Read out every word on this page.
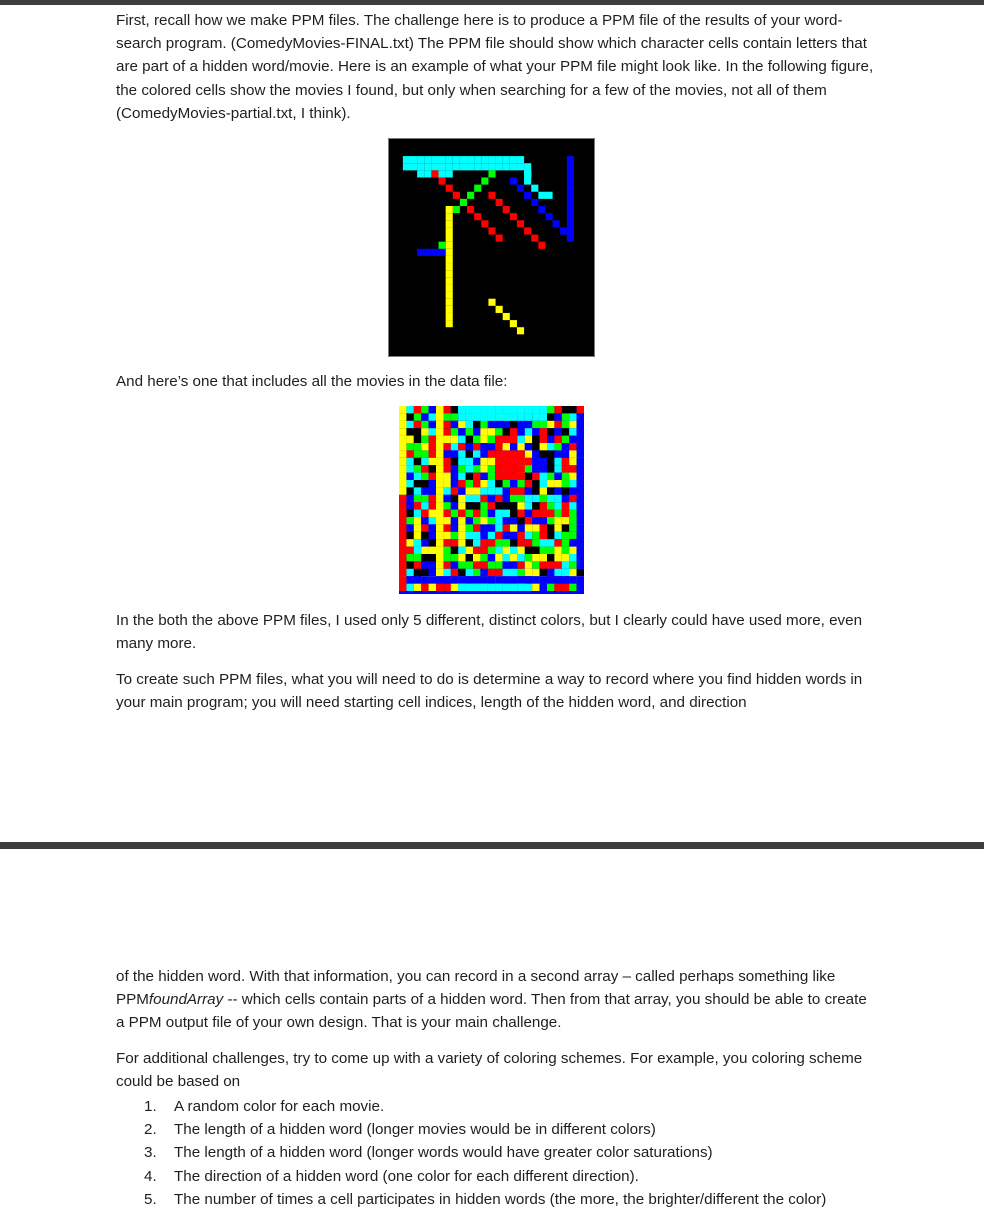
First, recall how we make PPM files. The challenge here is to produce a PPM file of the results of your word-search program. (ComedyMovies-FINAL.txt) The PPM file should show which character cells contain letters that are part of a hidden word/movie. Here is an example of what your PPM file might look like. In the following figure, the colored cells show the movies I found, but only when searching for a few of the movies, not all of them (ComedyMovies-partial.txt, I think).

And here’s one that includes all the movies in the data file:

In the both the above PPM files, I used only 5 different, distinct colors, but I clearly could have used more, even many more.

To create such PPM files, what you will need to do is determine a way to record where you find hidden words in your main program; you will need starting cell indices, length of the hidden word, and direction

of the hidden word. With that information, you can record in a second array – called perhaps something like PPMfoundArray -- which cells contain parts of a hidden word. Then from that array, you should be able to create a PPM output file of your own design. That is your main challenge.

For additional challenges, try to come up with a variety of coloring schemes. For example, you coloring scheme could be based on

1. A random color for each movie.
2. The length of a hidden word (longer movies would be in different colors)
3. The length of a hidden word (longer words would have greater color saturations)
4. The direction of a hidden word (one color for each different direction).
5. The number of times a cell participates in hidden words (the more, the brighter/different the color)
